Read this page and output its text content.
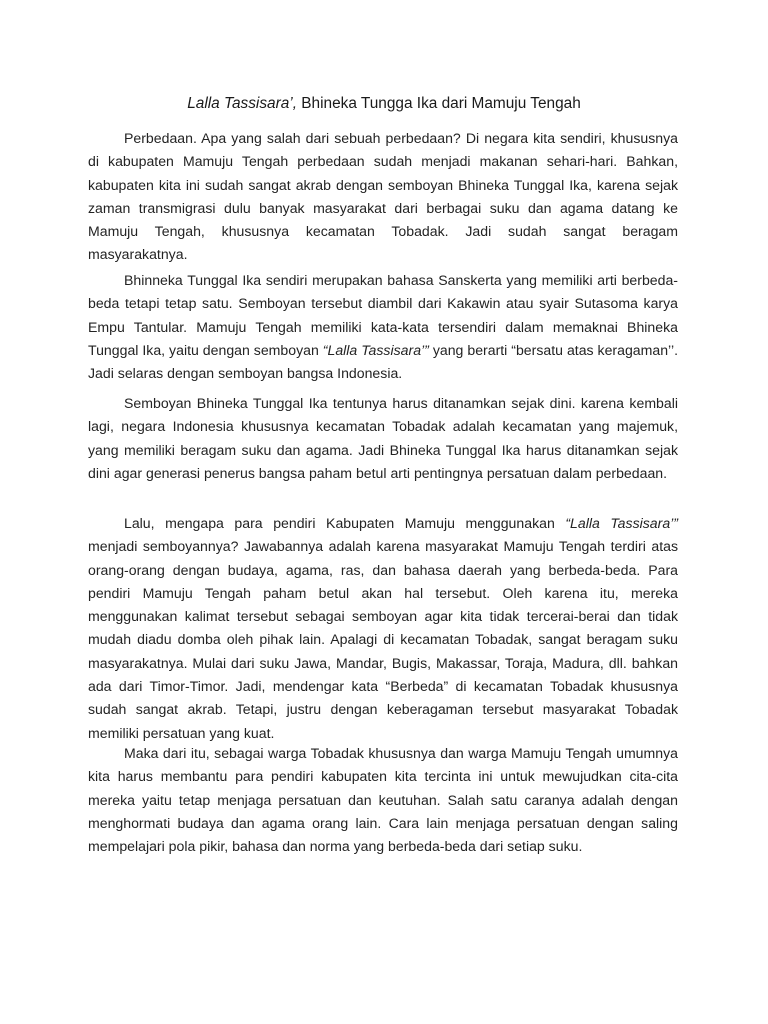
Lalla Tassisara’, Bhineka Tungga Ika dari Mamuju Tengah

Perbedaan. Apa yang salah dari sebuah perbedaan? Di negara kita sendiri, khususnya di kabupaten Mamuju Tengah perbedaan sudah menjadi makanan sehari-hari. Bahkan, kabupaten kita ini sudah sangat akrab dengan semboyan Bhineka Tunggal Ika, karena sejak zaman transmigrasi dulu banyak masyarakat dari berbagai suku dan agama datang ke Mamuju Tengah, khususnya kecamatan Tobadak. Jadi sudah sangat beragam masyarakatnya.

Bhinneka Tunggal Ika sendiri merupakan bahasa Sanskerta yang memiliki arti berbeda-beda tetapi tetap satu. Semboyan tersebut diambil dari Kakawin atau syair Sutasoma karya Empu Tantular. Mamuju Tengah memiliki kata-kata tersendiri dalam memaknai Bhineka Tunggal Ika, yaitu dengan semboyan “Lalla Tassisara’” yang berarti “bersatu atas keragaman’’. Jadi selaras dengan semboyan bangsa Indonesia.

Semboyan Bhineka Tunggal Ika tentunya harus ditanamkan sejak dini. karena kembali lagi, negara Indonesia khususnya kecamatan Tobadak adalah kecamatan yang majemuk, yang memiliki beragam suku dan agama. Jadi Bhineka Tunggal Ika harus ditanamkan sejak dini agar generasi penerus bangsa paham betul arti pentingnya persatuan dalam perbedaan.

Lalu, mengapa para pendiri Kabupaten Mamuju menggunakan “Lalla Tassisara’” menjadi semboyannya? Jawabannya adalah karena masyarakat Mamuju Tengah terdiri atas orang-orang dengan budaya, agama, ras, dan bahasa daerah yang berbeda-beda. Para pendiri Mamuju Tengah paham betul akan hal tersebut. Oleh karena itu, mereka menggunakan kalimat tersebut sebagai semboyan agar kita tidak tercerai-berai dan tidak mudah diadu domba oleh pihak lain. Apalagi di kecamatan Tobadak, sangat beragam suku masyarakatnya. Mulai dari suku Jawa, Mandar, Bugis, Makassar, Toraja, Madura, dll. bahkan ada dari Timor-Timor. Jadi, mendengar kata “Berbeda” di kecamatan Tobadak khususnya sudah sangat akrab. Tetapi, justru dengan keberagaman tersebut masyarakat Tobadak memiliki persatuan yang kuat.

Maka dari itu, sebagai warga Tobadak khususnya dan warga Mamuju Tengah umumnya kita harus membantu para pendiri kabupaten kita tercinta ini untuk mewujudkan cita-cita mereka yaitu tetap menjaga persatuan dan keutuhan. Salah satu caranya adalah dengan menghormati budaya dan agama orang lain. Cara lain menjaga persatuan dengan saling mempelajari pola pikir, bahasa dan norma yang berbeda-beda dari setiap suku.
